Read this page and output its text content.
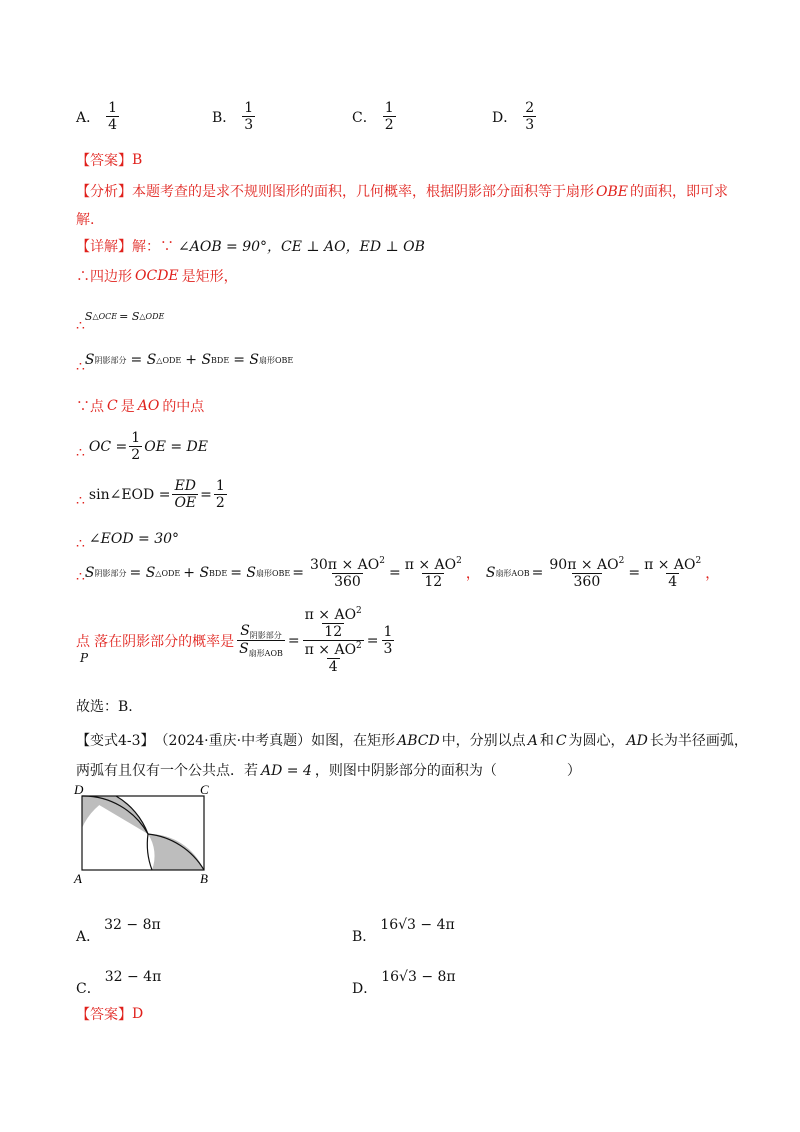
A． $\frac{1}{4}$	B． $\frac{1}{3}$	C． $\frac{1}{2}$	D． $\frac{2}{3}$
【答案】 B
【分析】 本题考查的是求不规则图形的面积，几何概率，根据阴影部分面积等于扇形 OBE 的面积，即可求
解.
【详解】 解：∵ ∠AOB = 90°，CE ⊥ AO，ED ⊥ OB
∴四边形 OCDE 是矩形，
∴
S △OCE = S △ODE
∴ S 阴影部分 = S △ODE + S BDE = S 扇形OBE
∵点 C 是 AO 的中点
∴ OC = $\frac{1}{2}$ OE = DE
∴ sin∠EOD = $\frac{ED}{OE} = \frac{1}{2}$
∴ ∠EOD = 30°
∴ S 阴影部分 = S △ODE + S BDE = S 扇形OBE = $\frac{30\pi \times AO^2}{360} = \frac{\pi \times AO^2}{12}$ ， S 扇形AOB = $\frac{90\pi \times AO^2}{360} = \frac{\pi \times AO^2}{4}$ ，
点
P
落在阴影部分的概率是 $\frac{S_{阴影部分}}{S_{扇形AOB}} = \pi \times AO^2$
12
$\pi \times AO^2$
$4 = \frac{1}{3}$
故选：B.
【变式4-3】 （2024·重庆·中考真题） 如图，在矩形 ABCD 中，分别以点 A 和 C 为圆心， AD 长为半径画弧，
两弧有且仅有一个公共点．若 AD = 4 ，则图中阴影部分的面积为（	）
D	C
A	B
A．
32 − 8π
B．
16√3 − 4π
C．
32 − 4π
D．
16√3 − 8π
【答案】 D
